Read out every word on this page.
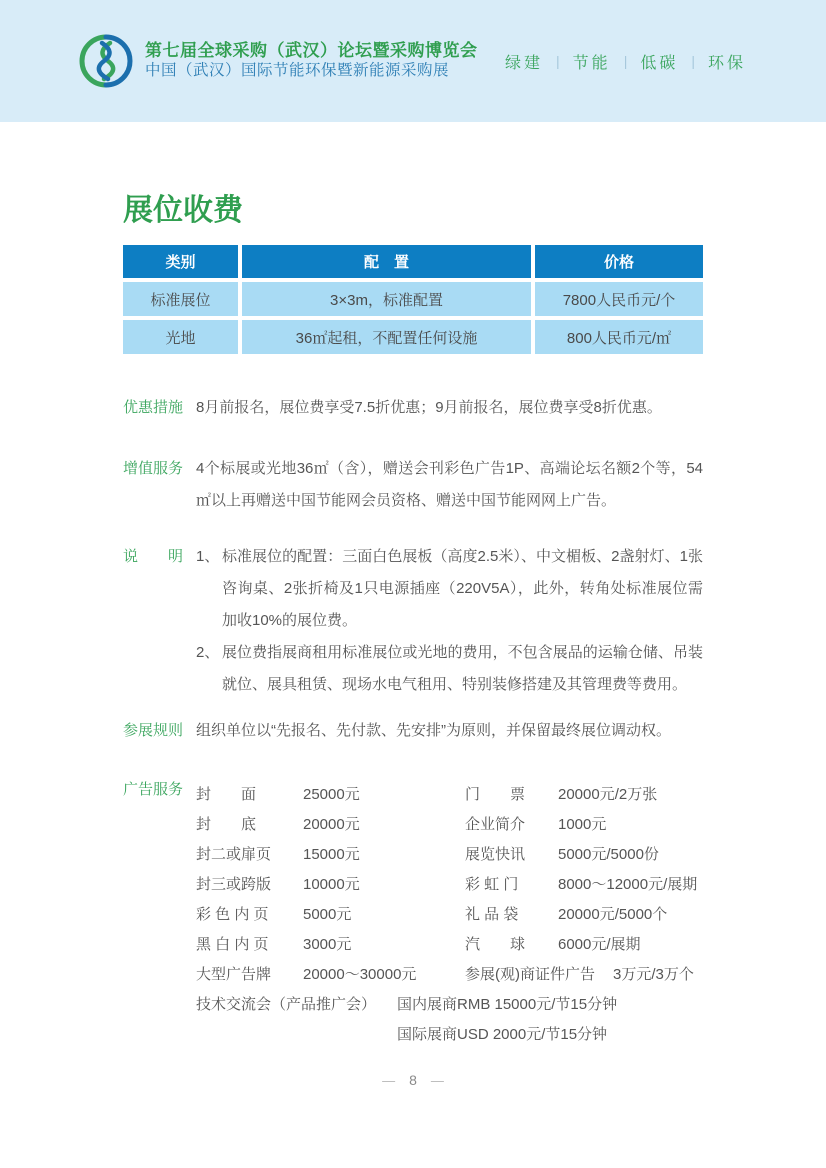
第七届全球采购（武汉）论坛暨采购博览会
中国（武汉）国际节能环保暨新能源采购展	绿建 | 节能 | 低碳 | 环保
展位收费
类别	配　置	价格
标准展位	3×3m，标准配置	7800人民币元/个
光地	36㎡起租，不配置任何设施	800人民币元/㎡
优惠措施 8月前报名，展位费享受7.5折优惠；9月前报名，展位费享受8折优惠。
增值服务 4个标展或光地36㎡（含），赠送会刊彩色广告1P、高端论坛名额2个等，54㎡以上再赠送中国节能网会员资格、赠送中国节能网网上广告。
说　　明 1、 标准展位的配置：三面白色展板（高度2.5米）、中文楣板、2盏射灯、1张咨询桌、2张折椅及1只电源插座（220V5A），此外，转角处标准展位需加收10%的展位费。
2、 展位费指展商租用标准展位或光地的费用，不包含展品的运输仓储、吊装就位、展具租赁、现场水电气租用、特别装修搭建及其管理费等费用。
参展规则 组织单位以“先报名、先付款、先安排”为原则，并保留最终展位调动权。
广告服务 封　　面	25000元	门　　票	20000元/2万张
封　　底	20000元	企业简介	1000元
封二或扉页	15000元	展览快讯	5000元/5000份
封三或跨版	10000元	彩 虹 门	8000～12000元/展期
彩 色 内 页	5000元	礼 品 袋	20000元/5000个
黑 白 内 页	3000元	汽　　球	6000元/展期
大型广告牌	20000～30000元	参展(观)商证件广告 3万元/3万个
技术交流会（产品推广会）	国内展商RMB 15000元/节15分钟
国际展商USD 2000元/节15分钟
— 8 —
